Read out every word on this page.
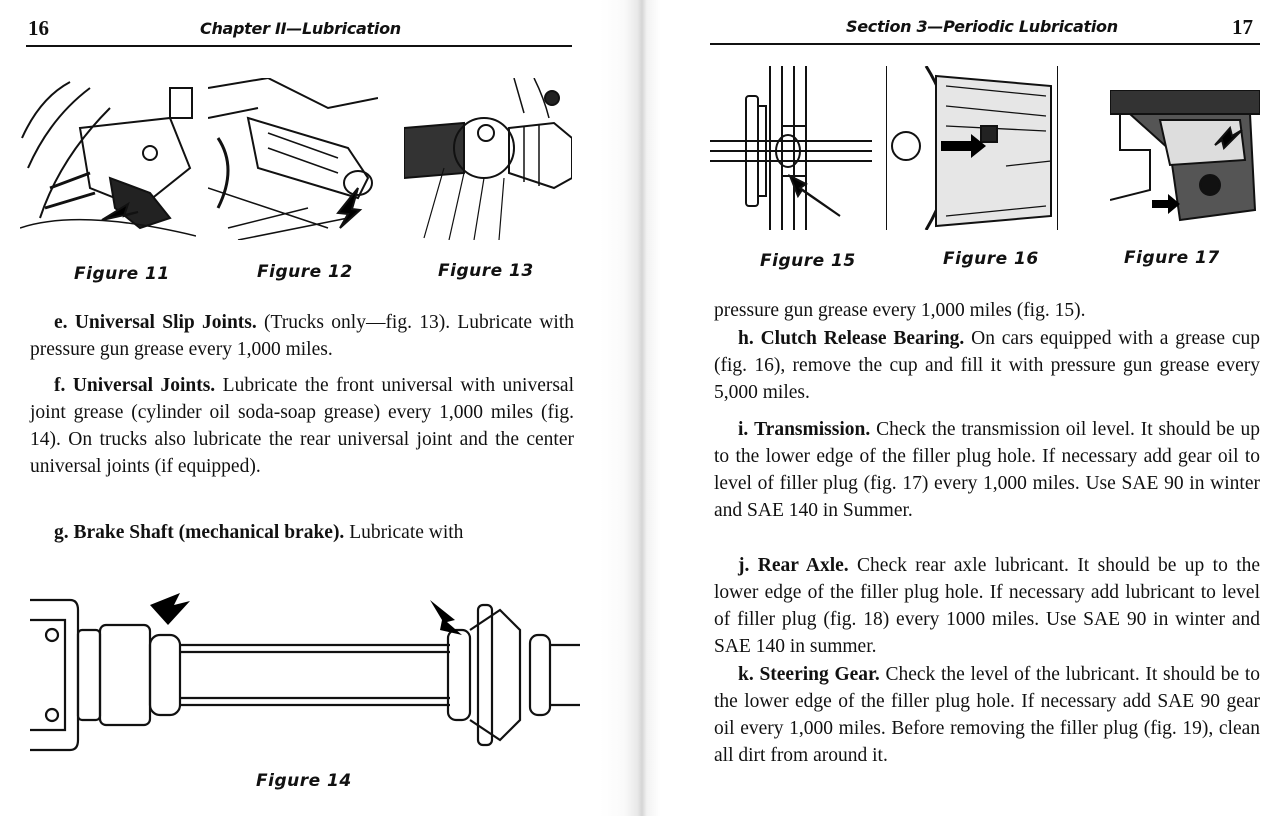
16	Chapter II—Lubrication
Figure 11	Figure 12	Figure 13

e. Universal Slip Joints. (Trucks only—fig. 13). Lubricate with pressure gun grease every 1,000 miles.

f. Universal Joints. Lubricate the front universal with universal joint grease (cylinder oil soda-soap grease) every 1,000 miles (fig. 14). On trucks also lubricate the rear universal joint and the center universal joints (if equipped).

g. Brake Shaft (mechanical brake). Lubricate with

Figure 14
Section 3—Periodic Lubrication	17
Figure 15	Figure 16	Figure 17

pressure gun grease every 1,000 miles (fig. 15).

h. Clutch Release Bearing. On cars equipped with a grease cup (fig. 16), remove the cup and fill it with pressure gun grease every 5,000 miles.

i. Transmission. Check the transmission oil level. It should be up to the lower edge of the filler plug hole. If necessary add gear oil to level of filler plug (fig. 17) every 1,000 miles. Use SAE 90 in winter and SAE 140 in Summer.

j. Rear Axle. Check rear axle lubricant. It should be up to the lower edge of the filler plug hole. If necessary add lubricant to level of filler plug (fig. 18) every 1000 miles. Use SAE 90 in winter and SAE 140 in summer.

k. Steering Gear. Check the level of the lubricant. It should be to the lower edge of the filler plug hole. If necessary add SAE 90 gear oil every 1,000 miles. Before removing the filler plug (fig. 19), clean all dirt from around it.
